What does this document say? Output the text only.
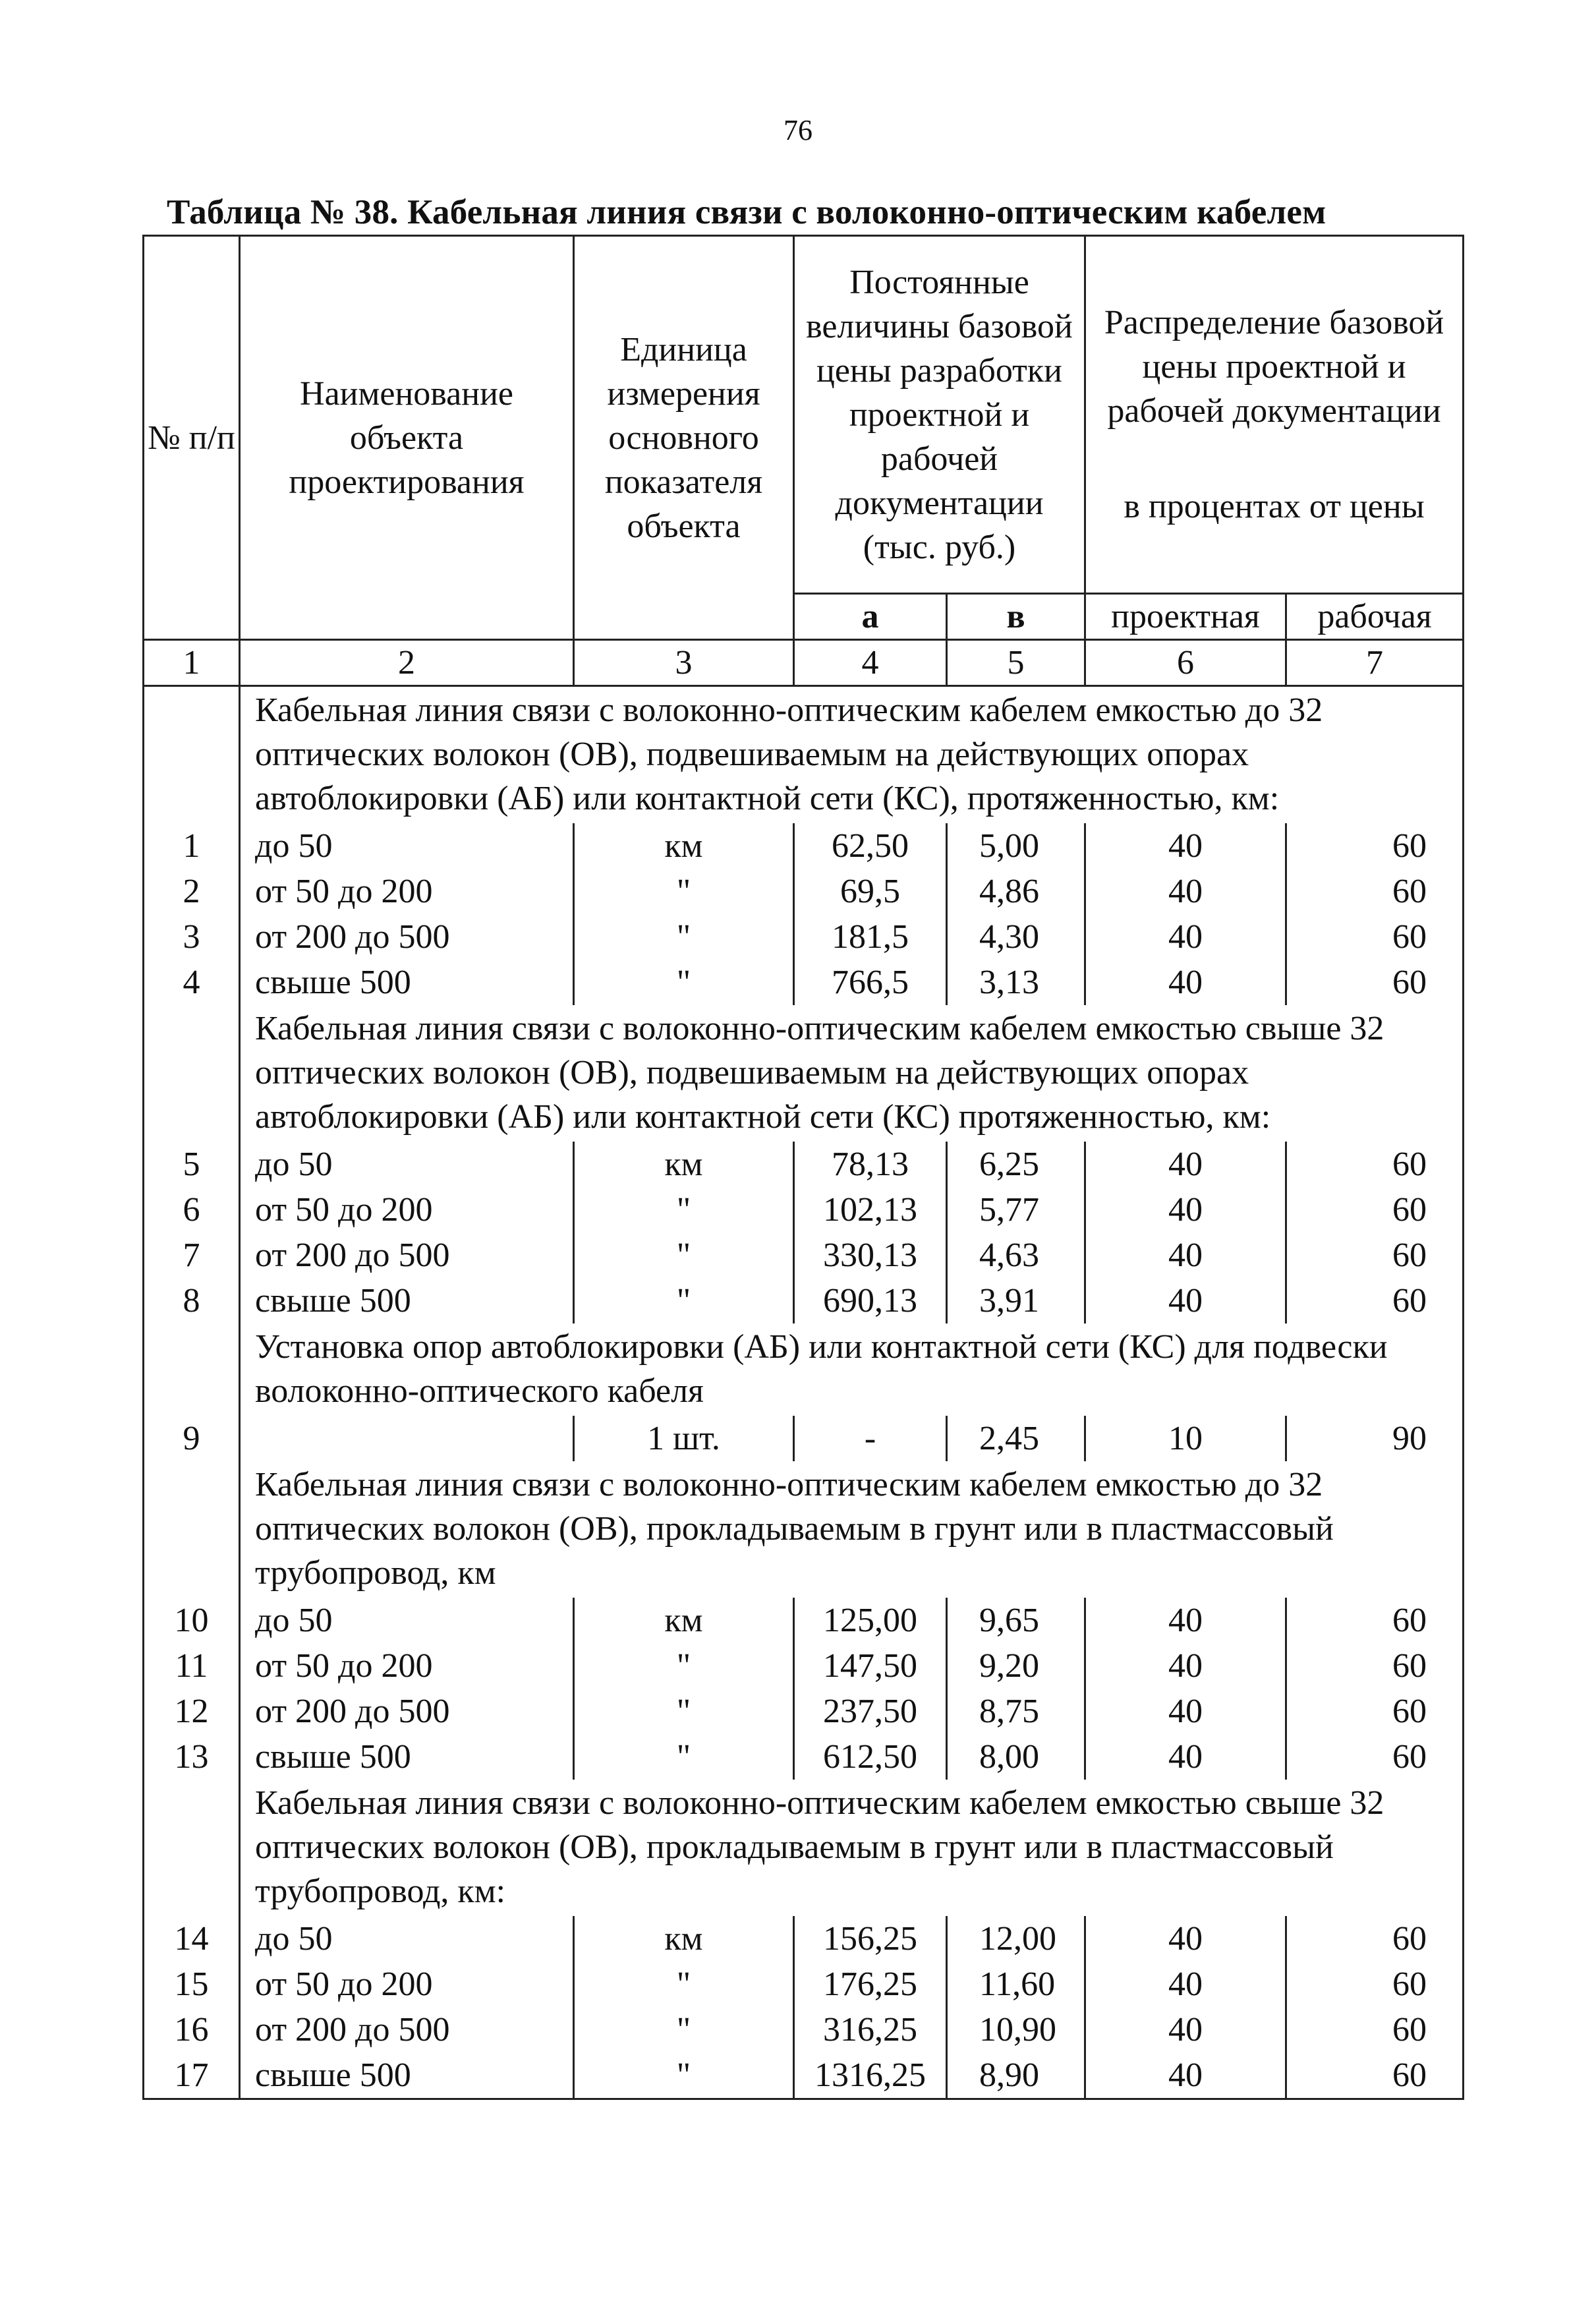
76
Таблица № 38. Кабельная линия связи с волоконно-оптическим кабелем
№ п/п	Наименование объекта проектирования	Единица измерения основного показателя объекта	Постоянные величины базовой цены разработки проектной и рабочей документации (тыс. руб.)		Распределение базовой цены проектной и рабочей документации
в процентах от цены	
			а	в	проектная	рабочая
1	2	3	4	5	6	7
	Кабельная линия связи с волоконно-оптическим кабелем емкостью до 32 оптических волокон (ОВ), подвешиваемым на действующих опорах автоблокировки (АБ) или контактной сети (КС), протяженностью, км:					
1	до 50	км	62,50	5,00	40	60
2	от 50 до 200	"	69,5	4,86	40	60
3	от 200 до 500	"	181,5	4,30	40	60
4	свыше 500	"	766,5	3,13	40	60
	Кабельная линия связи с волоконно-оптическим кабелем емкостью свыше 32 оптических волокон (ОВ), подвешиваемым на действующих опорах автоблокировки (АБ) или контактной сети (КС) протяженностью, км:					
5	до 50	км	78,13	6,25	40	60
6	от 50 до 200	"	102,13	5,77	40	60
7	от 200 до 500	"	330,13	4,63	40	60
8	свыше 500	"	690,13	3,91	40	60
	Установка опор автоблокировки (АБ) или контактной сети (КС) для подвески волоконно-оптического кабеля					
9		1 шт.	-	2,45	10	90
	Кабельная линия связи с волоконно-оптическим кабелем емкостью до 32 оптических волокон (ОВ), прокладываемым в грунт или в пластмассовый трубопровод, км					
10	до 50	км	125,00	9,65	40	60
11	от 50 до 200	"	147,50	9,20	40	60
12	от 200 до 500	"	237,50	8,75	40	60
13	свыше 500	"	612,50	8,00	40	60
	Кабельная линия связи с волоконно-оптическим кабелем емкостью свыше 32 оптических волокон (ОВ), прокладываемым в грунт или в пластмассовый трубопровод, км:					
14	до 50	км	156,25	12,00	40	60
15	от 50 до 200	"	176,25	11,60	40	60
16	от 200 до 500	"	316,25	10,90	40	60
17	свыше 500	"	1316,25	8,90	40	60
